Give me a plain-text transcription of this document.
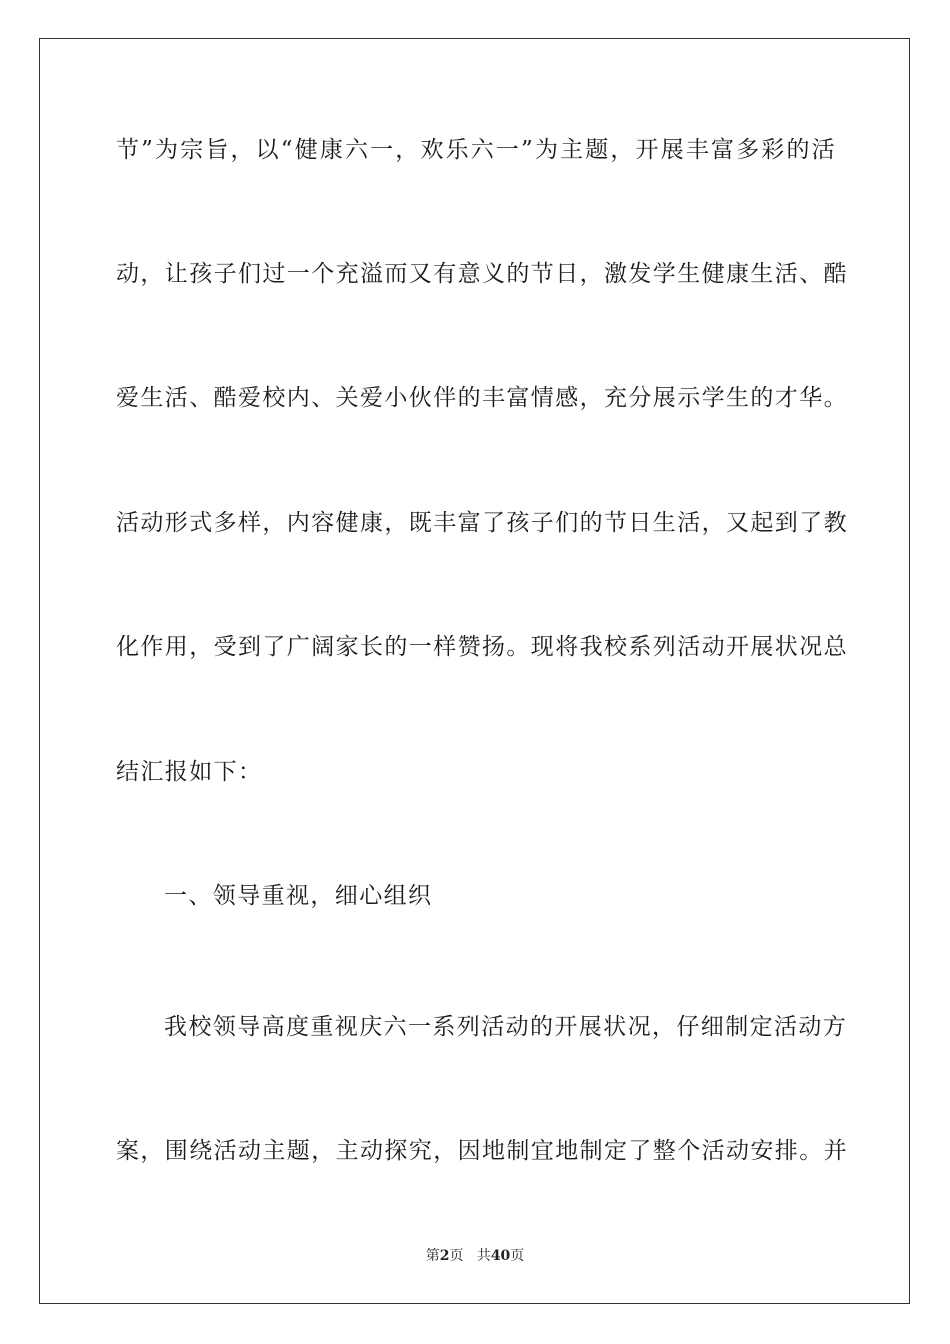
节”为宗旨，以“健康六一，欢乐六一”为主题，开展丰富多彩的活
动，让孩子们过一个充溢而又有意义的节日，激发学生健康生活、酷
爱生活、酷爱校内、关爱小伙伴的丰富情感，充分展示学生的才华。
活动形式多样，内容健康，既丰富了孩子们的节日生活，又起到了教
化作用，受到了广阔家长的一样赞扬。现将我校系列活动开展状况总
结汇报如下：
一、领导重视，细心组织
我校领导高度重视庆六一系列活动的开展状况，仔细制定活动方
案，围绕活动主题，主动探究，因地制宜地制定了整个活动安排。并
第2页 共40页
